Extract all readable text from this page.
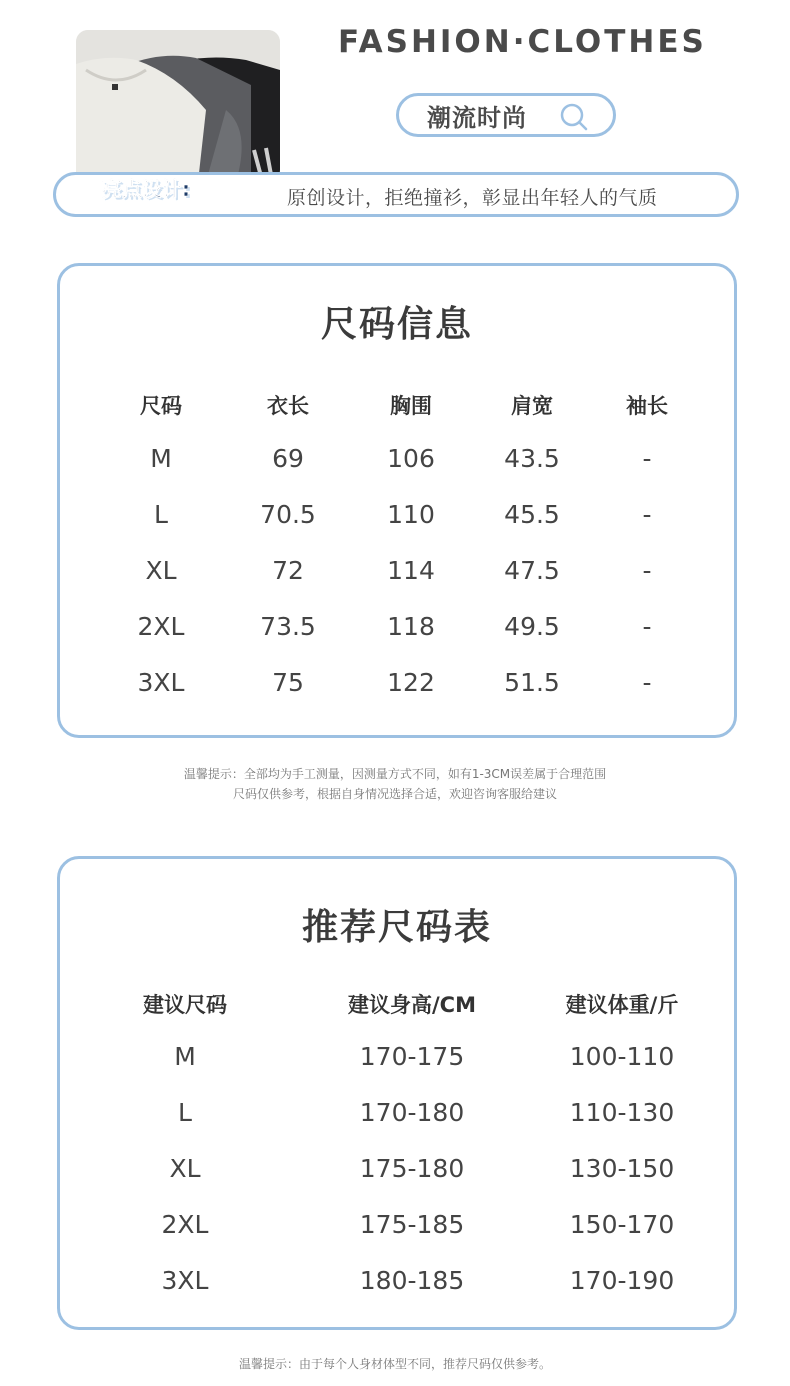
FASHION·CLOTHES
潮流时尚
亮点设计:	原创设计，拒绝撞衫，彰显出年轻人的气质
尺码信息
尺码	衣长	胸围	肩宽	袖长
M	69	106	43.5	-
L	70.5	110	45.5	-
XL	72	114	47.5	-
2XL	73.5	118	49.5	-
3XL	75	122	51.5	-
温馨提示：全部均为手工测量，因测量方式不同，如有1-3CM误差属于合理范围
尺码仅供参考，根据自身情况选择合适，欢迎咨询客服给建议
推荐尺码表
建议尺码	建议身高/CM	建议体重/斤
M	170-175	100-110
L	170-180	110-130
XL	175-180	130-150
2XL	175-185	150-170
3XL	180-185	170-190
温馨提示：由于每个人身材体型不同，推荐尺码仅供参考。
